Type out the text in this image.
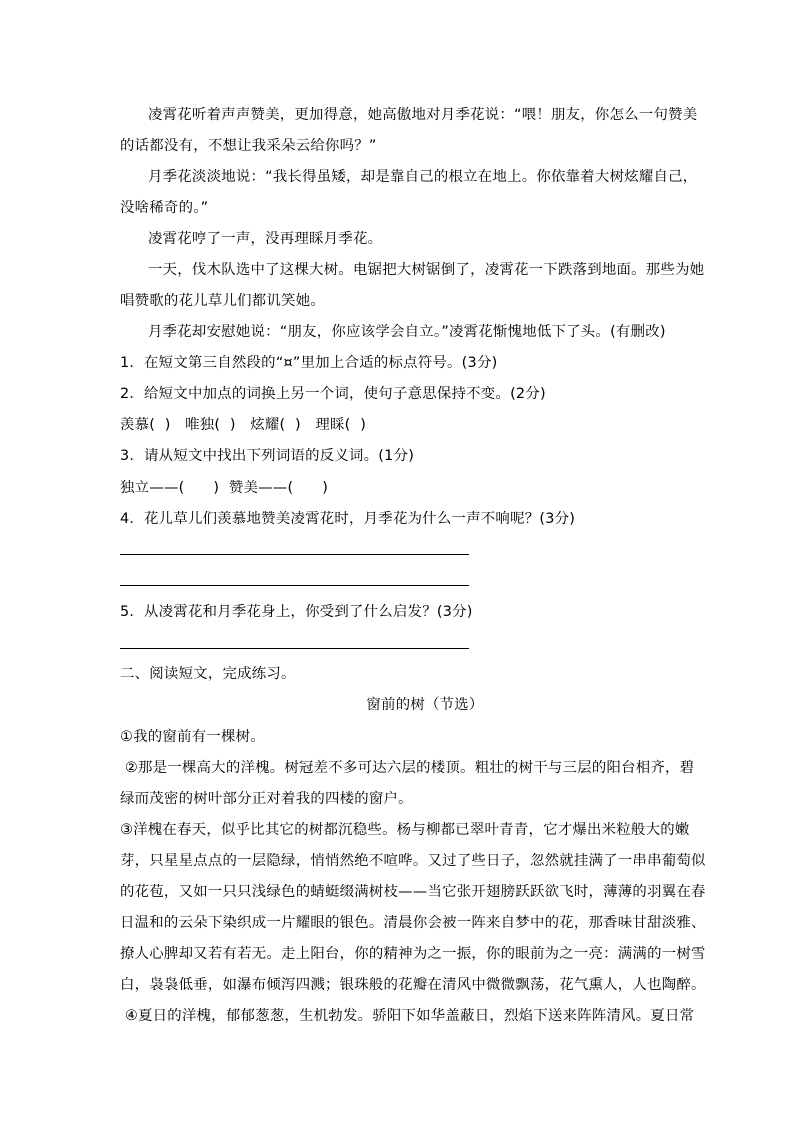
凌霄花听着声声赞美，更加得意，她高傲地对月季花说：“喂！朋友，你怎么一句赞美
的话都没有，不想让我采朵云给你吗？”
月季花淡淡地说：“我长得虽矮，却是靠自己的根立在地上。你依靠着大树炫耀自己，
没啥稀奇的。”
凌霄花哼了一声，没再理睬月季花。
一天，伐木队选中了这棵大树。电锯把大树锯倒了，凌霄花一下跌落到地面。那些为她
唱赞歌的花儿草儿们都讥笑她。
月季花却安慰她说：“朋友，你应该学会自立。”凌霄花惭愧地低下了头。(有删改)
1．在短文第三自然段的“¤”里加上合适的标点符号。(3分)
2．给短文中加点的词换上另一个词，使句子意思保持不变。(2分)
羡慕(  )   唯独(  )   炫耀(  )   理睬(  )
3．请从短文中找出下列词语的反义词。(1分)
独立——(      )  赞美——(      )
4．花儿草儿们羡慕地赞美凌霄花时，月季花为什么一声不响呢？(3分)
5．从凌霄花和月季花身上，你受到了什么启发？(3分)
二、阅读短文，完成练习。
窗前的树（节选）
①我的窗前有一棵树。
②那是一棵高大的洋槐。树冠差不多可达六层的楼顶。粗壮的树干与三层的阳台相齐，碧
绿而茂密的树叶部分正对着我的四楼的窗户。
③洋槐在春天，似乎比其它的树都沉稳些。杨与柳都已翠叶青青，它才爆出米粒般大的嫩
芽，只星星点点的一层隐绿，悄悄然绝不喧哗。又过了些日子，忽然就挂满了一串串葡萄似
的花苞，又如一只只浅绿色的蜻蜓缀满树枝——当它张开翅膀跃跃欲飞时，薄薄的羽翼在春
日温和的云朵下染织成一片耀眼的银色。清晨你会被一阵来自梦中的花，那香味甘甜淡雅、
撩人心脾却又若有若无。走上阳台，你的精神为之一振，你的眼前为之一亮：满满的一树雪
白，袅袅低垂，如瀑布倾泻四溅；银珠般的花瓣在清风中微微飘荡，花气熏人，人也陶醉。
④夏日的洋槐，郁郁葱葱，生机勃发。骄阳下如华盖蔽日，烈焰下送来阵阵清风。夏日常
